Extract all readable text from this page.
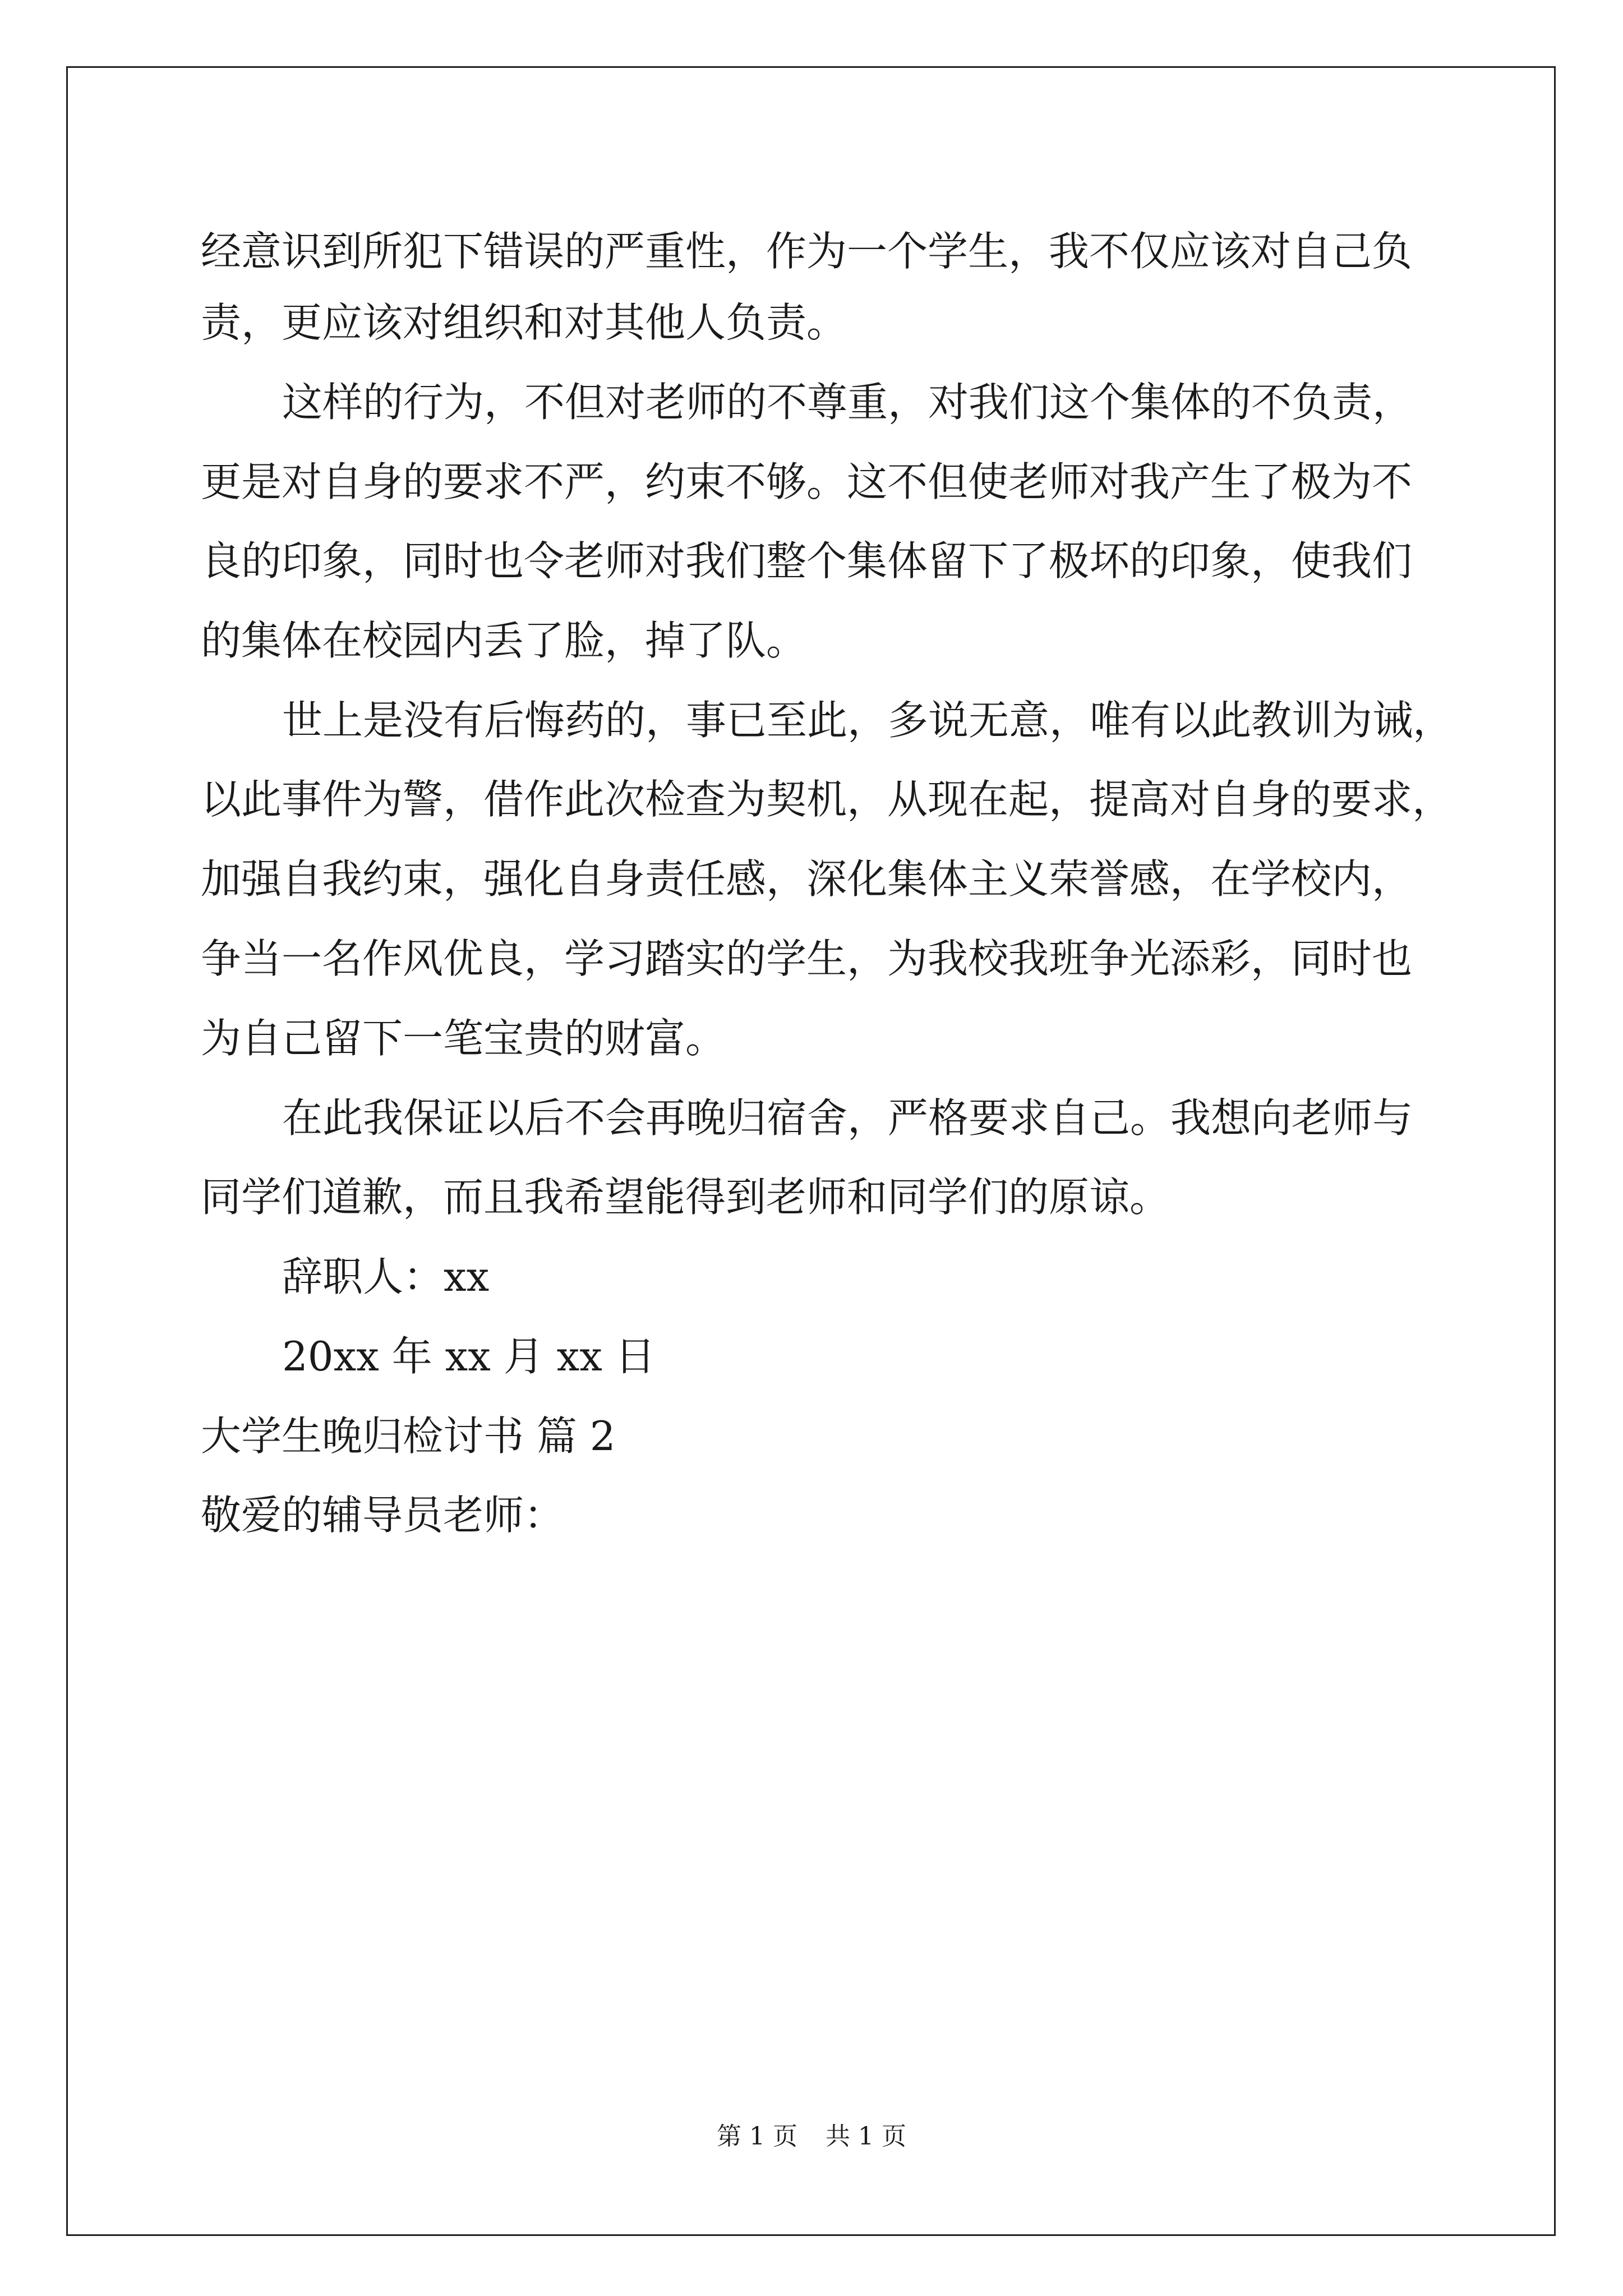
经意识到所犯下错误的严重性，作为一个学生，我不仅应该对自己负

责，更应该对组织和对其他人负责。

这样的行为，不但对老师的不尊重，对我们这个集体的不负责，

更是对自身的要求不严，约束不够。这不但使老师对我产生了极为不

良的印象，同时也令老师对我们整个集体留下了极坏的印象，使我们

的集体在校园内丢了脸，掉了队。

世上是没有后悔药的，事已至此，多说无意，唯有以此教训为诫，

以此事件为警，借作此次检查为契机，从现在起，提高对自身的要求，

加强自我约束，强化自身责任感，深化集体主义荣誉感，在学校内，

争当一名作风优良，学习踏实的学生，为我校我班争光添彩，同时也

为自己留下一笔宝贵的财富。

在此我保证以后不会再晚归宿舍，严格要求自己。我想向老师与

同学们道歉，而且我希望能得到老师和同学们的原谅。

辞职人：xx

20xx 年 xx 月 xx 日

大学生晚归检讨书 篇 2

敬爱的辅导员老师：

第 1 页 共 1 页
